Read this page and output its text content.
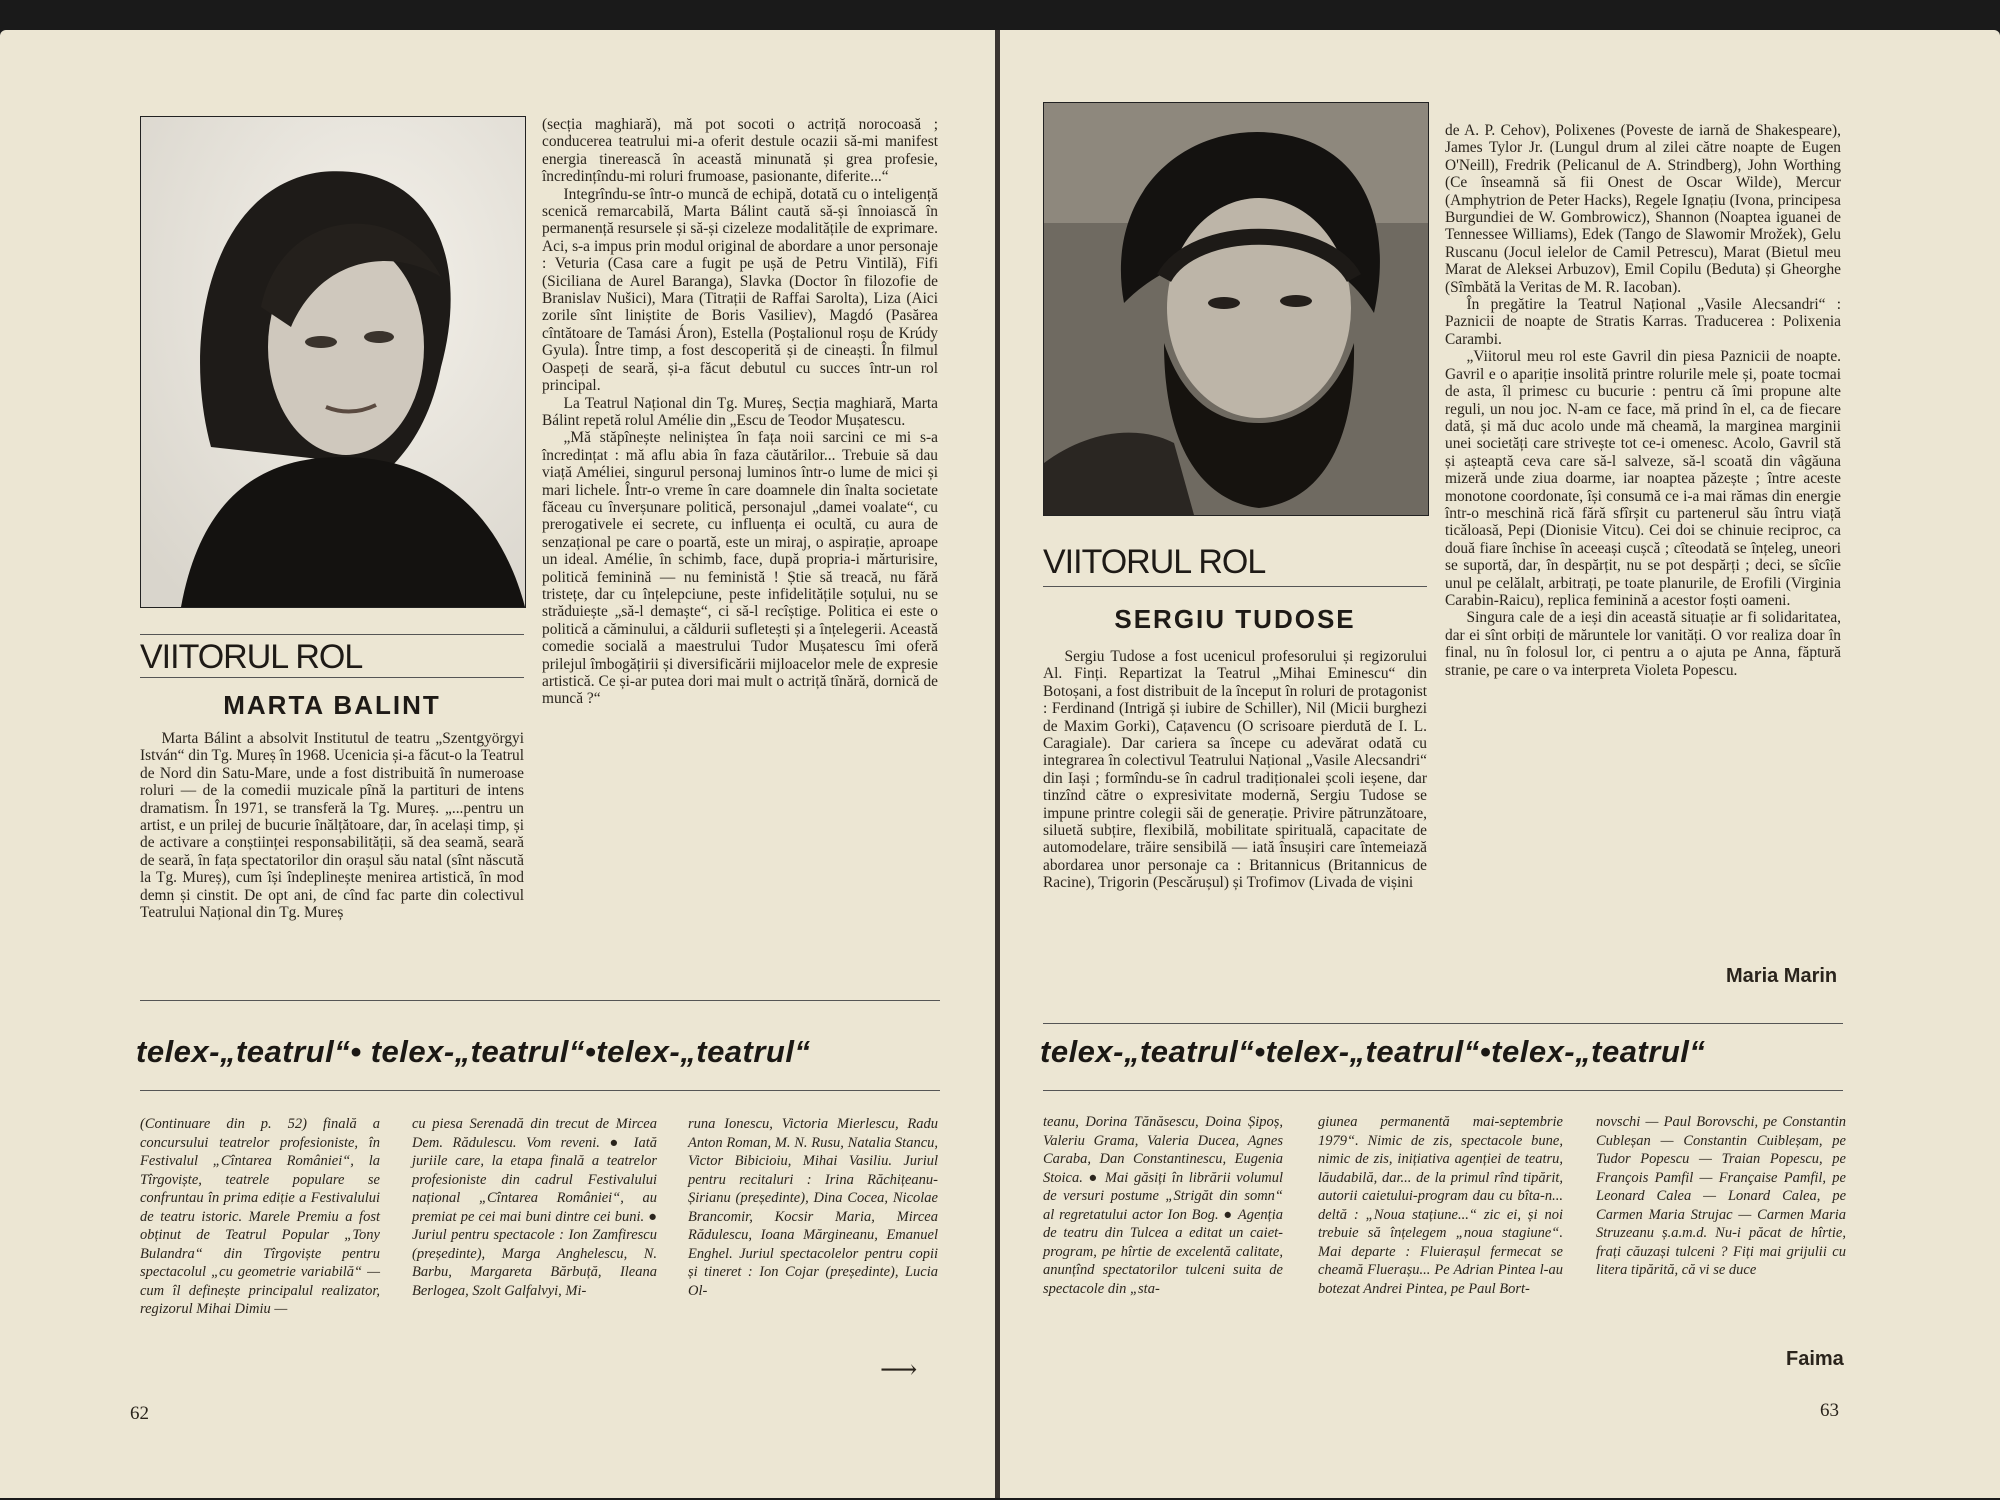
VIITORUL ROL
MARTA BALINT

Marta Bálint a absolvit Institutul de teatru „Szentgyörgyi István“ din Tg. Mureș în 1968. Ucenicia și-a făcut-o la Teatrul de Nord din Satu-Mare, unde a fost distribuită în numeroase roluri — de la comedii muzicale pînă la partituri de intens dramatism. În 1971, se transferă la Tg. Mureș. „...pentru un artist, e un prilej de bucurie înălțătoare, dar, în același timp, și de activare a conștiinței responsabilității, să dea seamă, seară de seară, în fața spectatorilor din orașul său natal (sînt născută la Tg. Mureș), cum își îndeplinește menirea artistică, în mod demn și cinstit. De opt ani, de cînd fac parte din colectivul Teatrului Național din Tg. Mureș

(secția maghiară), mă pot socoti o actriță norocoasă ; conducerea teatrului mi-a oferit destule ocazii să-mi manifest energia tinerească în această minunată și grea profesie, încredințîndu-mi roluri frumoase, pasionante, diferite...“

Integrîndu-se într-o muncă de echipă, dotată cu o inteligență scenică remarcabilă, Marta Bálint caută să-și înnoiască în permanență resursele și să-și cizeleze modalitățile de exprimare. Aci, s-a impus prin modul original de abordare a unor personaje : Veturia (Casa care a fugit pe ușă de Petru Vintilă), Fifi (Siciliana de Aurel Baranga), Slavka (Doctor în filozofie de Branislav Nušici), Mara (Titrații de Raffai Sarolta), Liza (Aici zorile sînt liniștite de Boris Vasiliev), Magdó (Pasărea cîntătoare de Tamási Áron), Estella (Poștalionul roșu de Krúdy Gyula). Între timp, a fost descoperită și de cineaști. În filmul Oaspeți de seară, și-a făcut debutul cu succes într-un rol principal.

La Teatrul Național din Tg. Mureș, Secția maghiară, Marta Bálint repetă rolul Amélie din „Escu de Teodor Mușatescu.

„Mă stăpînește nelinișteа în fața noii sarcini ce mi s-a încredințat : mă aflu abia în faza căutărilor... Trebuie să dau viață Améliei, singurul personaj luminos într-o lume de mici și mari lichele. Într-o vreme în care doamnele din înalta societate făceau cu înverșunare politică, personajul „damei voalate“, cu prerogativele ei secrete, cu influența ei ocultă, cu aura de senzațional pe care o poartă, este un miraj, o aspirație, aproape un ideal. Amélie, în schimb, face, după propria-i mărturisire, politică feminină — nu feministă ! Știe să treacă, nu fără tristețe, dar cu înțelepciune, peste infidelitățile soțului, nu se străduiește „să-l demaște“, ci să-l recîștige. Politica ei este o politică a căminului, a căldurii sufletești și a înțelegerii. Această comedie socială a maestrului Tudor Mușatescu îmi oferă prilejul îmbogățirii și diversificării mijloacelor mele de expresie artistică. Ce și-ar putea dori mai mult o actriță tînără, dornică de muncă ?“

telex-„teatrul“• telex-„teatrul“•telex-„teatrul“

(Continuare din p. 52) finală a concursului teatrelor profesioniste, în Festivalul „Cîntarea României“, la Tîrgoviște, teatrele populare se confruntau în prima ediție a Festivalului de teatru istoric. Marele Premiu a fost obținut de Teatrul Popular „Tony Bulandra“ din Tîrgoviște pentru spectacolul „cu geometrie variabilă“ — cum îl definește principalul realizator, regizorul Mihai Dimiu —

cu piesa Serenadă din trecut de Mircea Dem. Rădulescu. Vom reveni. ● Iată juriile care, la etapa finală a teatrelor profesioniste din cadrul Festivalului național „Cîntarea României“, au premiat pe cei mai buni dintre cei buni. ● Juriul pentru spectacole : Ion Zamfirescu (președinte), Marga Anghelescu, N. Barbu, Margareta Bărbuță, Ileana Berlogea, Szolt Galfalvyi, Mi-

runa Ionescu, Victoria Mierlescu, Radu Anton Roman, M. N. Rusu, Natalia Stancu, Victor Bibicioiu, Mihai Vasiliu. Juriul pentru recitaluri : Irina Răchițeanu-Șirianu (președinte), Dina Cocea, Nicolae Brancomir, Kocsir Maria, Mircea Rădulescu, Ioana Mărgineanu, Emanuel Enghel. Juriul spectacolelor pentru copii și tineret : Ion Cojar (președinte), Lucia Ol-

⟶
62
VIITORUL ROL
SERGIU TUDOSE

Sergiu Tudose a fost ucenicul profesorului și regizorului Al. Finți. Repartizat la Teatrul „Mihai Eminescu“ din Botoșani, a fost distribuit de la început în roluri de protagonist : Ferdinand (Intrigă și iubire de Schiller), Nil (Micii burghezi de Maxim Gorki), Cațavencu (O scrisoare pierdută de I. L. Caragiale). Dar cariera sa începe cu adevărat odată cu integrarea în colectivul Teatrului Național „Vasile Alecsandri“ din Iași ; formîndu-se în cadrul tradiționalei școli ieșene, dar tinzînd către o expresivitate modernă, Sergiu Tudose se impune printre colegii săi de generație. Privire pătrunzătoare, siluetă subțire, flexibilă, mobilitate spirituală, capacitate de automodelare, trăire sensibilă — iată însușiri care întemeiază abordarea unor personaje ca : Britannicus (Britannicus de Racine), Trigorin (Pescărușul) și Trofimov (Livada de vișini

de A. P. Cehov), Polixenes (Poveste de iarnă de Shakespeare), James Tylor Jr. (Lungul drum al zilei către noapte de Eugen O'Neill), Fredrik (Pelicanul de A. Strindberg), John Worthing (Ce înseamnă să fii Onest de Oscar Wilde), Mercur (Amphytrion de Peter Hacks), Regele Ignațiu (Ivona, principesa Burgundiei de W. Gombrowicz), Shannon (Noaptea iguanei de Tennessee Williams), Edek (Tango de Slawomir Mrožek), Gelu Ruscanu (Jocul ielelor de Camil Petrescu), Marat (Bietul meu Marat de Aleksei Arbuzov), Emil Copilu (Beduta) și Gheorghe (Sîmbătă la Veritas de M. R. Iacoban).

În pregătire la Teatrul Național „Vasile Alecsandri“ : Paznicii de noapte de Stratis Karras. Traducerea : Polixenia Carambi.

„Viitorul meu rol este Gavril din piesa Paznicii de noapte. Gavril e o apariție insolită printre rolurile mele și, poate tocmai de asta, îl primesc cu bucurie : pentru că îmi propune alte reguli, un nou joc. N-am ce face, mă prind în el, ca de fiecare dată, și mă duc acolo unde mă cheamă, la marginea marginii unei societăți care strivește tot ce-i omenesc. Acolo, Gavril stă și așteaptă ceva care să-l salveze, să-l scoată din vâgăuna mizeră unde ziua doarme, iar noaptea păzește ; între aceste monotone coordonate, își consumă ce i-a mai rămas din energie într-o meschină rică fără sfîrșit cu partenerul său întru viață ticăloasă, Pepi (Dionisie Vitcu). Cei doi se chinuie reciproc, ca două fiare închise în aceeași cușcă ; cîteodată se înțeleg, uneori se suportă, dar, în despărțit, nu se pot despărți ; deci, se sîcîie unul pe celălalt, arbitrați, pe toate planurile, de Erofili (Virginia Carabin-Raicu), replica feminină a acestor foști oameni.

Singura cale de a ieși din această situație ar fi solidaritatea, dar ei sînt orbiți de măruntele lor vanități. O vor realiza doar în final, nu în folosul lor, ci pentru a o ajuta pe Anna, făptură stranie, pe care o va interpreta Violeta Popescu.

Maria Marin
telex-„teatrul“•telex-„teatrul“•telex-„teatrul“

teanu, Dorina Tănăsescu, Doina Șipoș, Valeriu Grama, Valeria Ducea, Agnes Caraba, Dan Constantinescu, Eugenia Stoica. ● Mai găsiți în librării volumul de versuri postume „Strigăt din somn“ al regretatului actor Ion Bog. ● Agenția de teatru din Tulcea a editat un caiet-program, pe hîrtie de excelentă calitate, anunțînd spectatorilor tulceni suita de spectacole din „sta-

giunea permanentă mai-septembrie 1979“. Nimic de zis, spectacole bune, nimic de zis, inițiativa agenției de teatru, lăudabilă, dar... de la primul rînd tipărit, autorii caietului-program dau cu bîta-n... deltă : „Noua stațiune...“ zic ei, și noi trebuie să înțelegem „noua stagiune“. Mai departe : Fluierașul fermecat se cheamă Fluerașu... Pe Adrian Pintea l-au botezat Andrei Pintea, pe Paul Bort-

novschi — Paul Borovschi, pe Constantin Cubleșan — Constantin Cuibleșam, pe Tudor Popescu — Traian Popescu, pe François Pamfil — Française Pamfil, pe Leonard Calea — Lonard Calea, pe Carmen Maria Strujac — Carmen Maria Struzeanu ș.a.m.d. Nu-i păcat de hîrtie, frați căuzași tulceni ? Fiți mai grijulii cu litera tipărită, că vi se duce

Faima
63
